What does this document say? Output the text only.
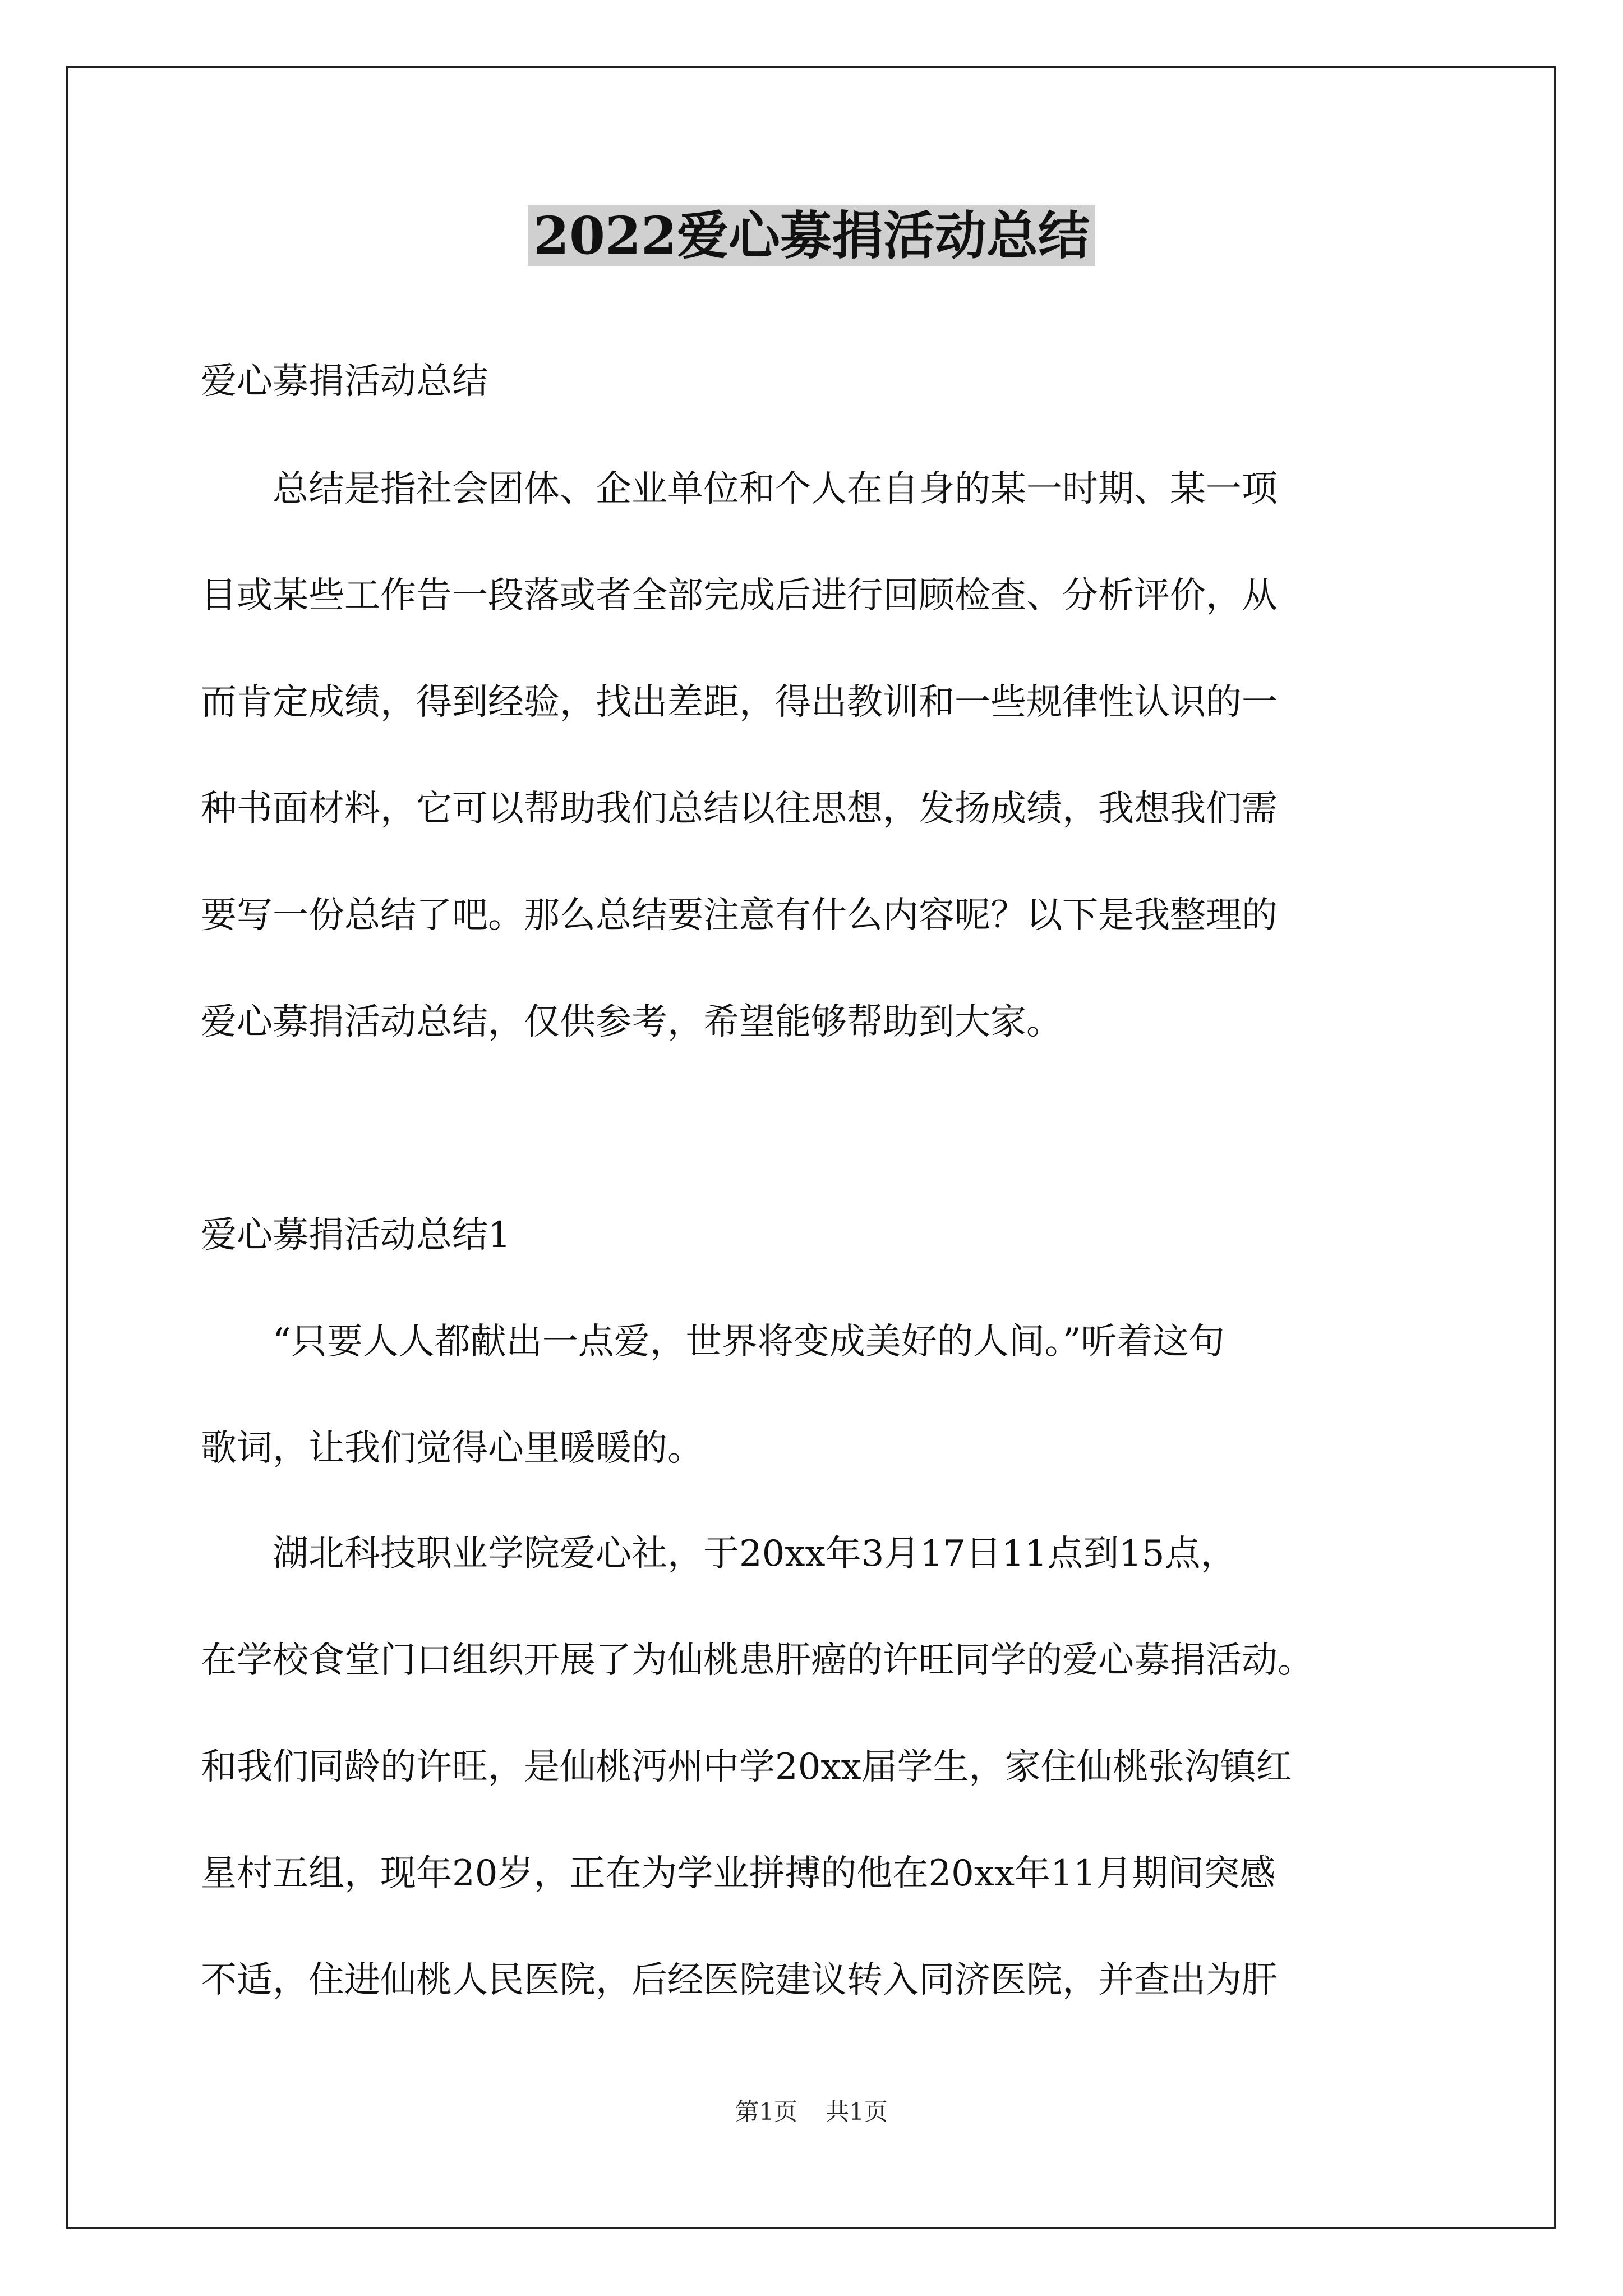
2022爱心募捐活动总结

爱心募捐活动总结

　　总结是指社会团体、企业单位和个人在自身的某一时期、某一项

目或某些工作告一段落或者全部完成后进行回顾检查、分析评价，从

而肯定成绩，得到经验，找出差距，得出教训和一些规律性认识的一

种书面材料，它可以帮助我们总结以往思想，发扬成绩，我想我们需

要写一份总结了吧。那么总结要注意有什么内容呢？以下是我整理的

爱心募捐活动总结，仅供参考，希望能够帮助到大家。

爱心募捐活动总结1

　　“只要人人都献出一点爱，世界将变成美好的人间。”听着这句

歌词，让我们觉得心里暖暖的。

　　湖北科技职业学院爱心社，于20xx年3月17日11点到15点，

在学校食堂门口组织开展了为仙桃患肝癌的许旺同学的爱心募捐活动。

和我们同龄的许旺，是仙桃沔州中学20xx届学生，家住仙桃张沟镇红

星村五组，现年20岁，正在为学业拼搏的他在20xx年11月期间突感

不适，住进仙桃人民医院，后经医院建议转入同济医院，并查出为肝

第1页 共1页
